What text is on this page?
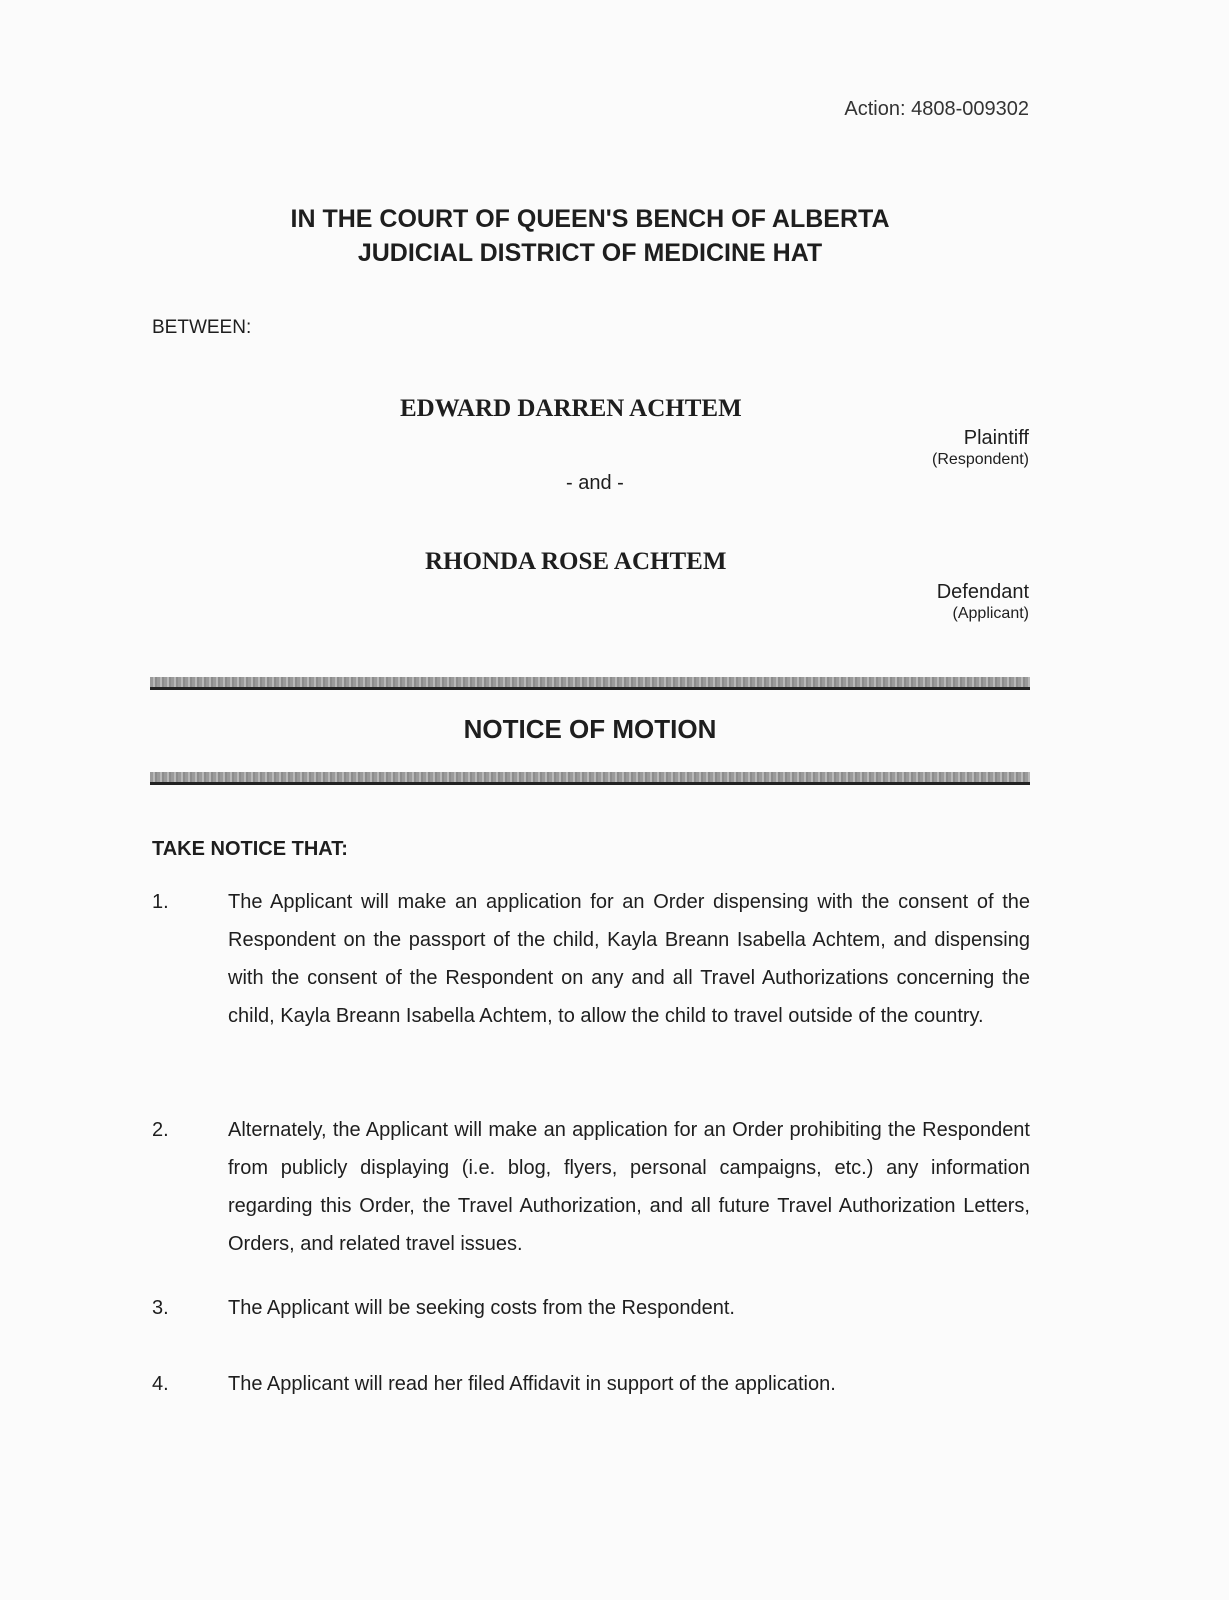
Action: 4808-009302
IN THE COURT OF QUEEN'S BENCH OF ALBERTA
JUDICIAL DISTRICT OF MEDICINE HAT
BETWEEN:
EDWARD DARREN ACHTEM
Plaintiff
(Respondent)
- and -
RHONDA ROSE ACHTEM
Defendant
(Applicant)
NOTICE OF MOTION
TAKE NOTICE THAT:
1.	The Applicant will make an application for an Order dispensing with the consent of the Respondent on the passport of the child, Kayla Breann Isabella Achtem, and dispensing with the consent of the Respondent on any and all Travel Authorizations concerning the child, Kayla Breann Isabella Achtem, to allow the child to travel outside of the country.
2.	Alternately, the Applicant will make an application for an Order prohibiting the Respondent from publicly displaying (i.e. blog, flyers, personal campaigns, etc.) any information regarding this Order, the Travel Authorization, and all future Travel Authorization Letters, Orders, and related travel issues.
3.	The Applicant will be seeking costs from the Respondent.
4.	The Applicant will read her filed Affidavit in support of the application.
